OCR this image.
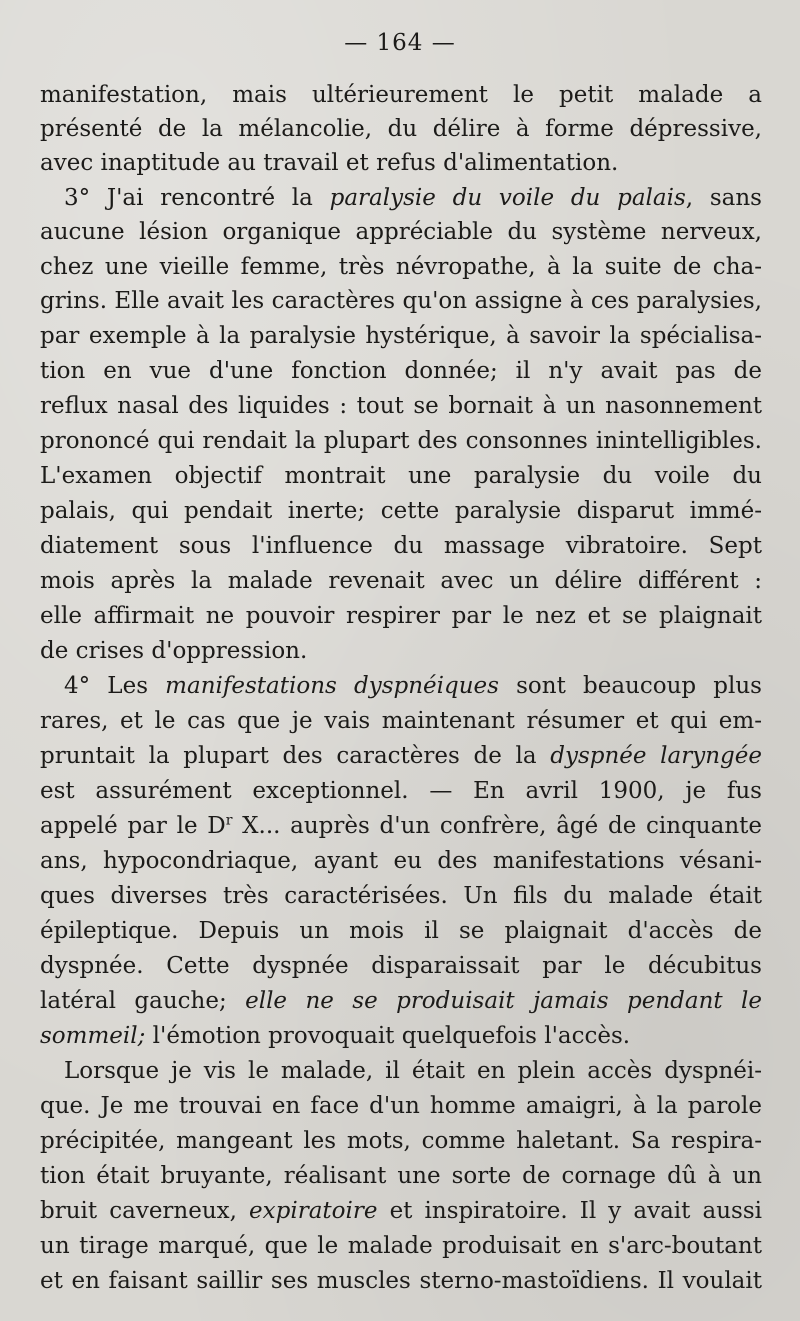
— 164 —
manifestation, mais ultérieurement le petit malade a
présenté de la mélancolie, du délire à forme dépressive,
avec inaptitude au travail et refus d'alimentation.
3° J'ai rencontré la paralysie du voile du palais, sans
aucune lésion organique appréciable du système nerveux,
chez une vieille femme, très névropathe, à la suite de cha-
grins. Elle avait les caractères qu'on assigne à ces paralysies,
par exemple à la paralysie hystérique, à savoir la spécialisa-
tion en vue d'une fonction donnée; il n'y avait pas de
reflux nasal des liquides : tout se bornait à un nasonnement
prononcé qui rendait la plupart des consonnes inintelligibles.
L'examen objectif montrait une paralysie du voile du
palais, qui pendait inerte; cette paralysie disparut immé-
diatement sous l'influence du massage vibratoire. Sept
mois après la malade revenait avec un délire différent :
elle affirmait ne pouvoir respirer par le nez et se plaignait
de crises d'oppression.
4° Les manifestations dyspnéiques sont beaucoup plus
rares, et le cas que je vais maintenant résumer et qui em-
pruntait la plupart des caractères de la dyspnée laryngée
est assurément exceptionnel. — En avril 1900, je fus
appelé par le $D^r$ X... auprès d'un confrère, âgé de cinquante
ans, hypocondriaque, ayant eu des manifestations vésani-
ques diverses très caractérisées. Un fils du malade était
épileptique. Depuis un mois il se plaignait d'accès de
dyspnée. Cette dyspnée disparaissait par le décubitus
latéral gauche; elle ne se produisait jamais pendant le
sommeil; l'émotion provoquait quelquefois l'accès.
Lorsque je vis le malade, il était en plein accès dyspnéi-
que. Je me trouvai en face d'un homme amaigri, à la parole
précipitée, mangeant les mots, comme haletant. Sa respira-
tion était bruyante, réalisant une sorte de cornage dû à un
bruit caverneux, expiratoire et inspiratoire. Il y avait aussi
un tirage marqué, que le malade produisait en s'arc-boutant
et en faisant saillir ses muscles sterno-mastoïdiens. Il voulait
